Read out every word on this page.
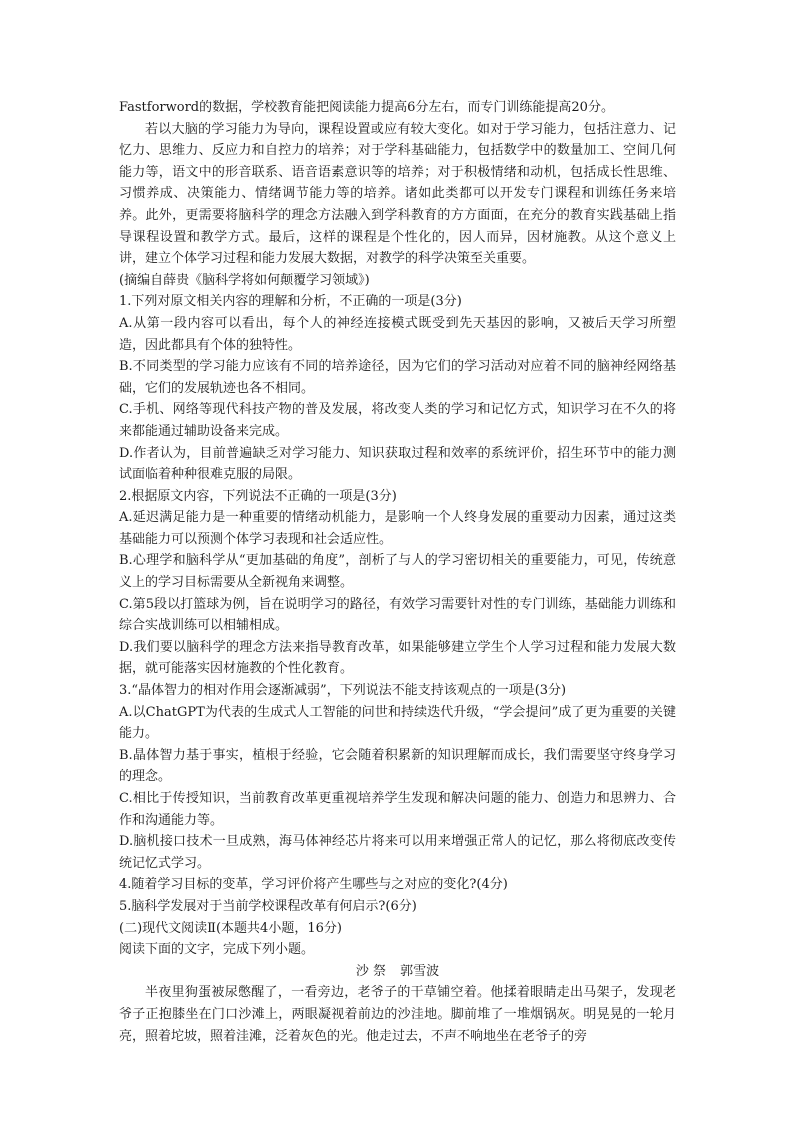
Fastforword的数据，学校教育能把阅读能力提高6分左右，而专门训练能提高20分。

若以大脑的学习能力为导向，课程设置或应有较大变化。如对于学习能力，包括注意力、记忆力、思维力、反应力和自控力的培养；对于学科基础能力，包括数学中的数量加工、空间几何能力等，语文中的形音联系、语音语素意识等的培养；对于积极情绪和动机，包括成长性思维、习惯养成、决策能力、情绪调节能力等的培养。诸如此类都可以开发专门课程和训练任务来培养。此外，更需要将脑科学的理念方法融入到学科教育的方方面面，在充分的教育实践基础上指导课程设置和教学方式。最后，这样的课程是个性化的，因人而异，因材施教。从这个意义上讲，建立个体学习过程和能力发展大数据，对教学的科学决策至关重要。

(摘编自薛贵《脑科学将如何颠覆学习领域》)

1.下列对原文相关内容的理解和分析，不正确的一项是(3分)

A.从第一段内容可以看出，每个人的神经连接模式既受到先天基因的影响，又被后天学习所塑造，因此都具有个体的独特性。

B.不同类型的学习能力应该有不同的培养途径，因为它们的学习活动对应着不同的脑神经网络基础，它们的发展轨迹也各不相同。

C.手机、网络等现代科技产物的普及发展，将改变人类的学习和记忆方式，知识学习在不久的将来都能通过辅助设备来完成。

D.作者认为，目前普遍缺乏对学习能力、知识获取过程和效率的系统评价，招生环节中的能力测试面临着种种很难克服的局限。

2.根据原文内容，下列说法不正确的一项是(3分)

A.延迟满足能力是一种重要的情绪动机能力，是影响一个人终身发展的重要动力因素，通过这类基础能力可以预测个体学习表现和社会适应性。

B.心理学和脑科学从“更加基础的角度”，剖析了与人的学习密切相关的重要能力，可见，传统意义上的学习目标需要从全新视角来调整。

C.第5段以打篮球为例，旨在说明学习的路径，有效学习需要针对性的专门训练，基础能力训练和综合实战训练可以相辅相成。

D.我们要以脑科学的理念方法来指导教育改革，如果能够建立学生个人学习过程和能力发展大数据，就可能落实因材施教的个性化教育。

3.“晶体智力的相对作用会逐渐减弱”，下列说法不能支持该观点的一项是(3分)

A.以ChatGPT为代表的生成式人工智能的问世和持续迭代升级，“学会提问”成了更为重要的关键能力。

B.晶体智力基于事实，植根于经验，它会随着积累新的知识理解而成长，我们需要坚守终身学习的理念。

C.相比于传授知识，当前教育改革更重视培养学生发现和解决问题的能力、创造力和思辨力、合作和沟通能力等。

D.脑机接口技术一旦成熟，海马体神经芯片将来可以用来增强正常人的记忆，那么将彻底改变传统记忆式学习。

4.随着学习目标的变革，学习评价将产生哪些与之对应的变化?(4分)

5.脑科学发展对于当前学校课程改革有何启示?(6分)

(二)现代文阅读Ⅱ(本题共4小题，16分)

阅读下面的文字，完成下列小题。

沙 祭 郭雪波

半夜里狗蛋被尿憋醒了，一看旁边，老爷子的干草铺空着。他揉着眼睛走出马架子，发现老爷子正抱膝坐在门口沙滩上，两眼凝视着前边的沙洼地。脚前堆了一堆烟锅灰。明晃晃的一轮月亮，照着坨坡，照着洼滩，泛着灰色的光。他走过去，不声不响地坐在老爷子的旁
